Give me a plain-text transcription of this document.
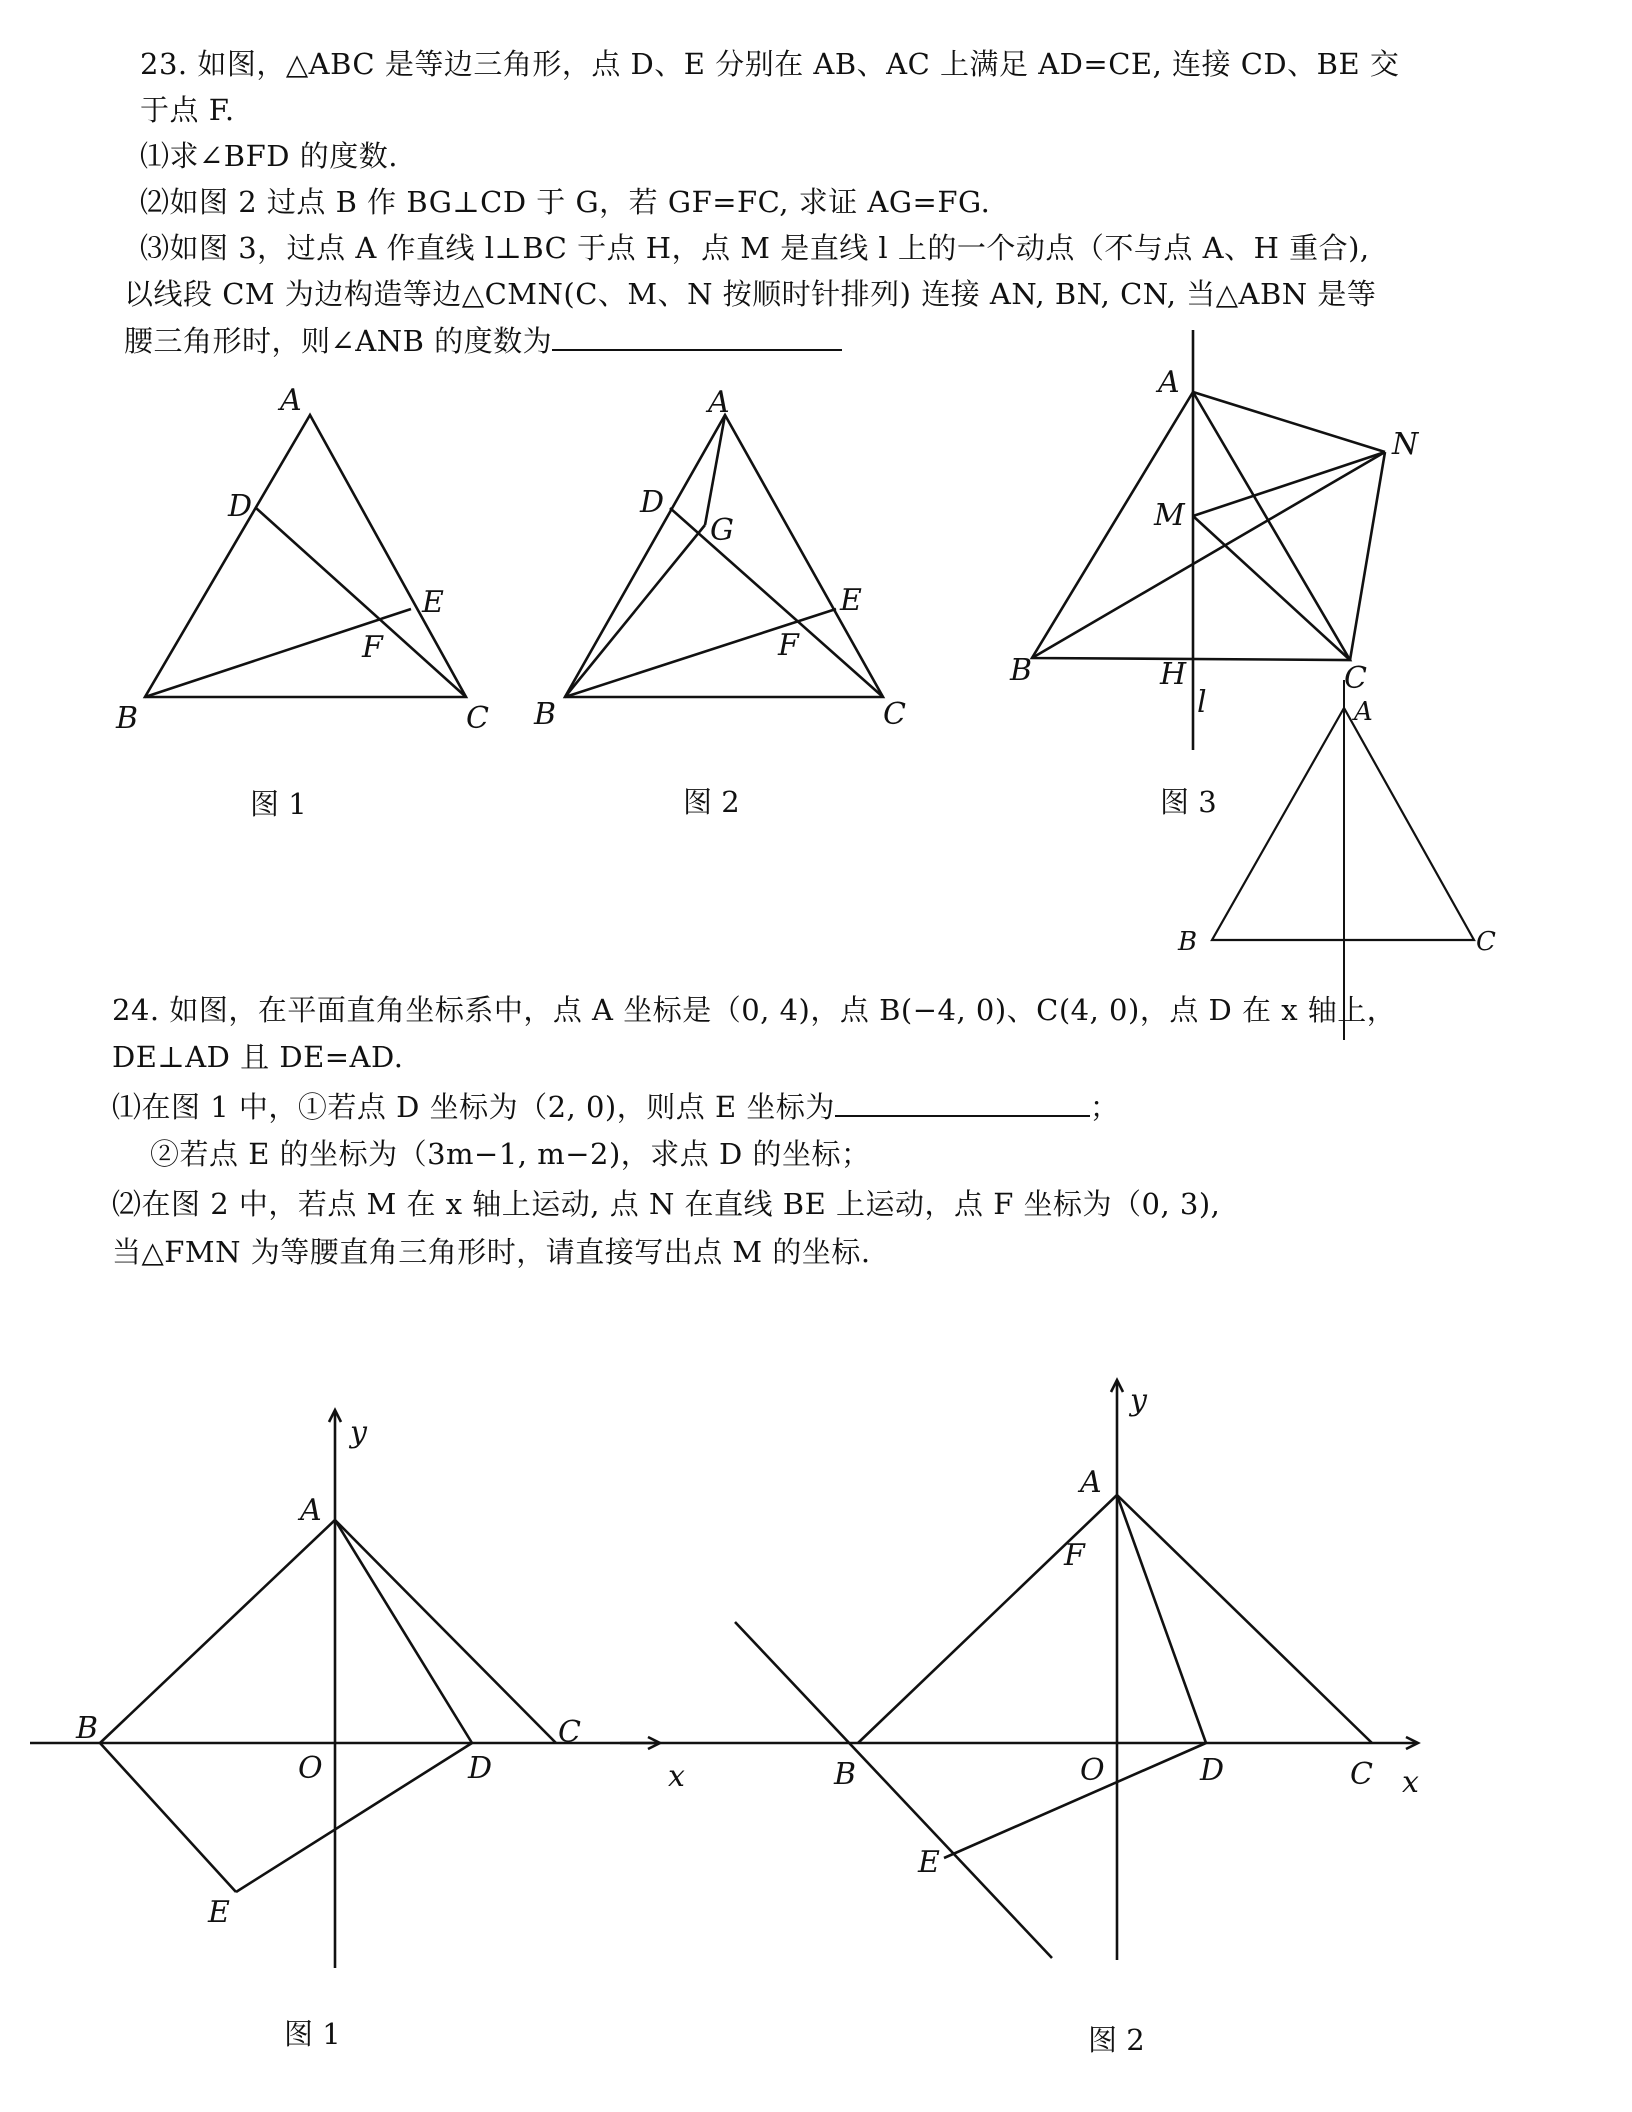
23. 如图，△ABC 是等边三角形，点 D、E 分别在 AB、AC 上满足 AD=CE, 连接 CD、BE 交
于点 F.
⑴求∠BFD 的度数.
⑵如图 2 过点 B 作 BG⊥CD 于 G，若 GF=FC, 求证 AG=FG.
⑶如图 3，过点 A 作直线 l⊥BC 于点 H，点 M 是直线 l 上的一个动点（不与点 A、H 重合),
以线段 CM 为边构造等边△CMN(C、M、N 按顺时针排列) 连接 AN, BN, CN, 当△ABN 是等
腰三角形时，则∠ANB 的度数为
A
B	C
D
E
F
A
B	C
D
G
E
F
A
B	C
H
M
N
l	A
B	C
图 1	图 2	图 3
24. 如图，在平面直角坐标系中，点 A 坐标是（0, 4)，点 B(−4, 0)、C(4, 0)，点 D 在 x 轴上，
DE⊥AD 且 DE=AD.
⑴在图 1 中，①若点 D 坐标为（2, 0)，则点 E 坐标为	；
②若点 E 的坐标为（3m−1, m−2)，求点 D 的坐标；
⑵在图 2 中，若点 M 在 x 轴上运动, 点 N 在直线 BE 上运动，点 F 坐标为（0, 3),
当△FMN 为等腰直角三角形时，请直接写出点 M 的坐标.
y
x
A
B	C
D
E
O
y
x
A
F
B	C
D
E
O
图 1	图 2
